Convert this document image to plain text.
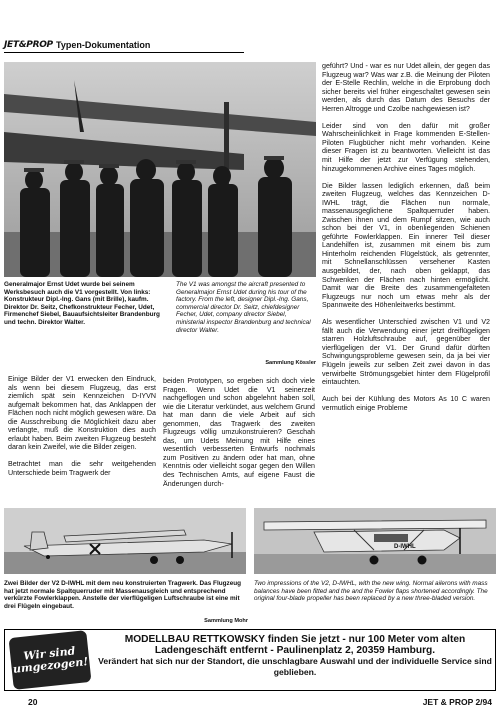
JET&PROP Typen-Dokumentation
Generalmajor Ernst Udet wurde bei seinem Werksbesuch auch die V1 vorgestellt. Von links: Konstrukteur Dipl.-Ing. Gans (mit Brille), kaufm. Direktor Dr. Seitz, Chefkonstrukteur Fecher, Udet, Firmenchef Siebel, Bauaufsichtsleiter Brandenburg und techn. Direktor Walter.
The V1 was amongst the aircraft presented to Generalmajor Ernst Udet during his tour of the factory. From the left, designer Dipl.-Ing. Gans, commercial director Dr. Seitz, chiefdesigner Fecher, Udet, company director Siebel, ministerial inspector Brandenburg and technical director Walter.
Sammlung Kössler

Einige Bilder der V1 erwecken den Eindruck, als wenn bei diesem Flugzeug, das erst ziemlich spät sein Kennzeichen D-IYVN aufgemalt bekommen hat, das Anklappen der Flächen noch nicht möglich gewesen wäre. Da die Ausschreibung die Möglichkeit dazu aber verlangte, muß die Konstruktion dies auch erlaubt haben. Beim zweiten Flugzeug besteht daran kein Zweifel, wie die Bilder zeigen.

Betrachtet man die sehr weitgehenden Unterschiede beim Tragwerk der

beiden Prototypen, so ergeben sich doch viele Fragen. Wenn Udet die V1 seinerzeit nachgeflogen und schon abgelehnt haben soll, wie die Literatur verkündet, aus welchem Grund hat man dann die viele Arbeit auf sich genommen, das Tragwerk des zweiten Flugzeugs völlig umzukonstruieren? Geschah das, um Udets Meinung mit Hilfe eines wesentlich verbesserten Entwurfs nochmals zum Positiven zu ändern oder hat man, ohne Kenntnis oder vielleicht sogar gegen den Willen des Technischen Amts, auf eigene Faust die Änderungen durch-

geführt? Und - war es nur Udet allein, der gegen das Flugzeug war? Was war z.B. die Meinung der Piloten der E-Stelle Rechlin, welche in die Erprobung doch sicher bereits viel früher eingeschaltet gewesen sein werden, als durch das Datum des Besuchs der Herren Altrogge und Czolbe nachgewiesen ist?

Leider sind von den dafür mit großer Wahrscheinlichkeit in Frage kommenden E-Stellen-Piloten Flugbücher nicht mehr vorhanden. Keine dieser Fragen ist zu beantworten. Vielleicht ist das mit Hilfe der jetzt zur Verfügung stehenden, hinzugekommenen Archive eines Tages möglich.

Die Bilder lassen lediglich erkennen, daß beim zweiten Flugzeug, welches das Kennzeichen D-IWHL trägt, die Flächen nun normale, massenausgeglichene Spaltquerruder haben. Zwischen ihnen und dem Rumpf sitzen, wie auch schon bei der V1, in obenliegenden Schienen geführte Fowlerklappen. Ein innerer Teil dieser Landehilfen ist, zusammen mit einem bis zum Hinterholm reichenden Flügelstück, als getrennter, mit Schnellanschlüssen versehener Kasten ausgebildet, der, nach oben geklappt, das Schwenken der Flächen nach hinten ermöglicht. Damit war die Breite des zusammengefalteten Flugzeugs nur noch um etwas mehr als der Spannweite des Höhenleitwerks bestimmt.

Als wesentlicher Unterschied zwischen V1 und V2 fällt auch die Verwendung einer jetzt dreiflügeligen starren Holzluftschraube auf, gegenüber der vierflügeligen der V1. Der Grund dafür dürften Schwingungsprobleme gewesen sein, da ja bei vier Flügeln jeweils zur selben Zeit zwei davon in das verwirbelte Strömungsgebiet hinter dem Flügelprofil eintauchten.

Auch bei der Kühlung des Motors As 10 C waren vermutlich einige Probleme

D-IWHL
Zwei Bilder der V2 D-IWHL mit dem neu konstruierten Tragwerk. Das Flugzeug hat jetzt normale Spaltquerruder mit Massenausgleich und entsprechend verkürzte Fowlerklappen. Anstelle der vierflügeligen Luftschraube ist eine mit drei Flügeln eingebaut.
Two impressions of the V2, D-IWHL, with the new wing. Normal ailerons with mass balances have been fitted and the and the Fowler flaps shortened accordingly. The original four-blade propeller has been replaced by a new three-bladed version.
Sammlung Mohr
Wir sind umgezogen!
MODELLBAU RETTKOWSKY finden Sie jetzt - nur 100 Meter vom alten Ladengeschäft entfernt - Paulinenplatz 2, 20359 Hamburg.
Verändert hat sich nur der Standort, die unschlagbare Auswahl und der individuelle Service sind geblieben.
20	JET & PROP 2/94
